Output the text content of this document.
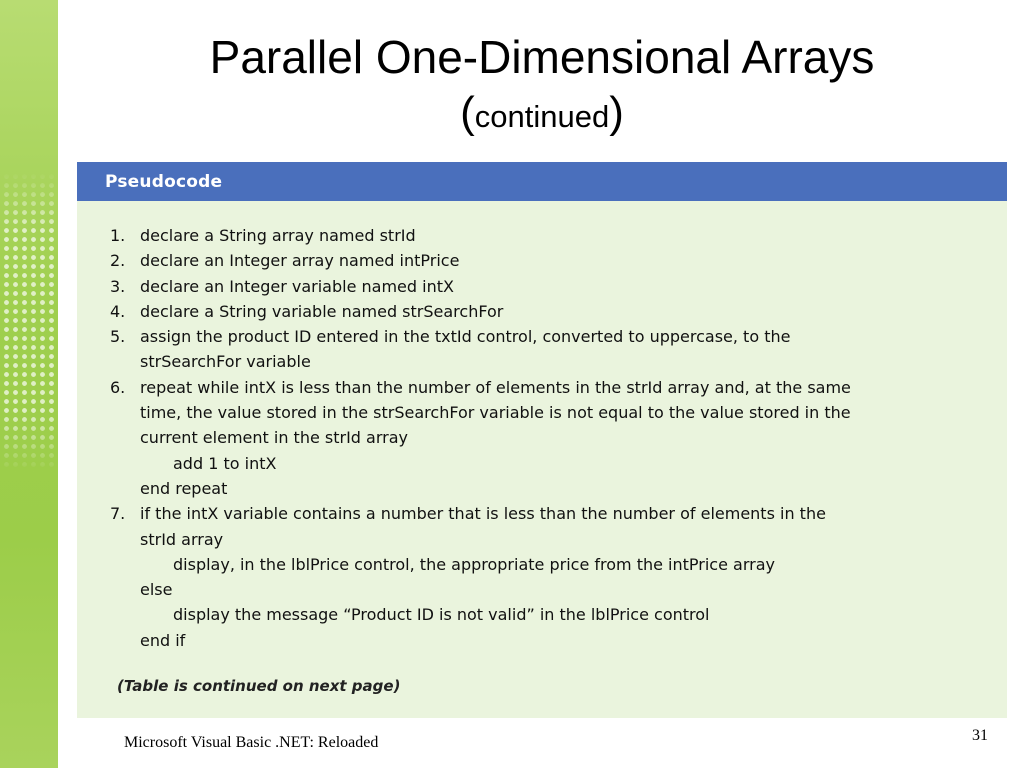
Parallel One-Dimensional Arrays
(continued)
Pseudocode
1. declare a String array named strId
2. declare an Integer array named intPrice
3. declare an Integer variable named intX
4. declare a String variable named strSearchFor
5. assign the product ID entered in the txtId control, converted to uppercase, to the
strSearchFor variable
6. repeat while intX is less than the number of elements in the strId array and, at the same
time, the value stored in the strSearchFor variable is not equal to the value stored in the
current element in the strId array
add 1 to intX
end repeat
7. if the intX variable contains a number that is less than the number of elements in the
strId array
display, in the lblPrice control, the appropriate price from the intPrice array
else
display the message “Product ID is not valid” in the lblPrice control
end if
(Table is continued on next page)
Microsoft Visual Basic .NET: Reloaded	31
